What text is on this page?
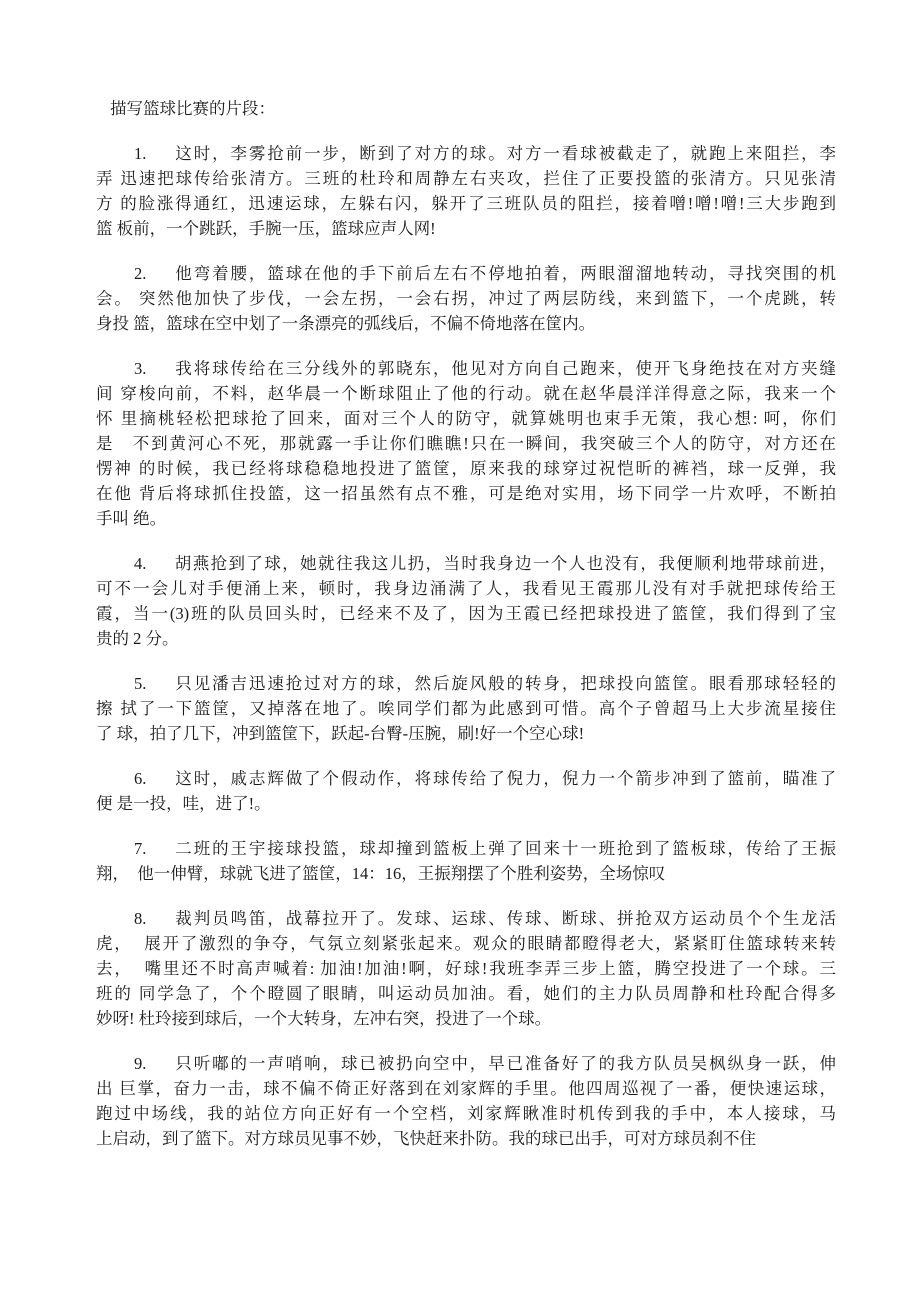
描写篮球比赛的片段：
1. 这时，李雾抢前一步，断到了对方的球。对方一看球被截走了，就跑上来阻拦，李
弄 迅速把球传给张清方。三班的杜玲和周静左右夹攻，拦住了正要投篮的张清方。只见张清
方 的脸涨得通红，迅速运球，左躲右闪，躲开了三班队员的阻拦，接着噌!噌!噌!三大步跑到
篮 板前，一个跳跃，手腕一压，篮球应声人网!
2. 他弯着腰，篮球在他的手下前后左右不停地拍着，两眼溜溜地转动，寻找突围的机
会。 突然他加快了步伐，一会左拐，一会右拐，冲过了两层防线，来到篮下，一个虎跳，转
身投 篮，篮球在空中划了一条漂亮的弧线后，不偏不倚地落在筐内。
3. 我将球传给在三分线外的郭晓东，他见对方向自己跑来，使开飞身绝技在对方夹缝
间 穿梭向前，不料，赵华晨一个断球阻止了他的行动。就在赵华晨洋洋得意之际，我来一个
怀 里摘桃轻松把球抢了回来，面对三个人的防守，就算姚明也束手无策，我心想: 呵，你们
是　不到黄河心不死，那就露一手让你们瞧瞧!只在一瞬间，我突破三个人的防守，对方还在
愣神 的时候，我已经将球稳稳地投进了篮筐，原来我的球穿过祝恺昕的裤裆，球一反弹，我
在他 背后将球抓住投篮，这一招虽然有点不雅，可是绝对实用，场下同学一片欢呼，不断拍
手叫 绝。
4. 胡燕抢到了球，她就往我这儿扔，当时我身边一个人也没有，我便顺利地带球前进，
可不一会儿对手便涌上来，顿时，我身边涌满了人，我看见王霞那儿没有对手就把球传给王
霞，当一(3)班的队员回头时，已经来不及了，因为王霞已经把球投进了篮筐，我们得到了宝
贵的 2 分。
5. 只见潘吉迅速抢过对方的球，然后旋风般的转身，把球投向篮筐。眼看那球轻轻的
擦 拭了一下篮筐，又掉落在地了。唉同学们都为此感到可惜。高个子曾超马上大步流星接住
了 球，拍了几下，冲到篮筐下，跃起-台臀-压腕，刷!好一个空心球!
6. 这时，戚志辉做了个假动作，将球传给了倪力，倪力一个箭步冲到了篮前，瞄准了
便 是一投，哇，进了!。
7. 二班的王宇接球投篮，球却撞到篮板上弹了回来十一班抢到了篮板球，传给了王振
翔，  他一伸臂，球就飞进了篮筐，14：16，王振翔摆了个胜利姿势，全场惊叹
8. 裁判员鸣笛，战幕拉开了。发球、运球、传球、断球、拼抢双方运动员个个生龙活
虎，  展开了激烈的争夺，气氛立刻紧张起来。观众的眼睛都瞪得老大，紧紧盯住篮球转来转
去，  嘴里还不时高声喊着: 加油!加油!啊，好球!我班李弄三步上篮，腾空投进了一个球。三
班的 同学急了，个个瞪圆了眼睛，叫运动员加油。看，她们的主力队员周静和杜玲配合得多
妙呀! 杜玲接到球后，一个大转身，左冲右突，投进了一个球。
9. 只听嘟的一声哨响，球已被扔向空中，早已准备好了的我方队员吴枫纵身一跃，伸
出 巨掌，奋力一击，球不偏不倚正好落到在刘家辉的手里。他四周巡视了一番，便快速运球，
跑过中场线，我的站位方向正好有一个空档，刘家辉瞅准时机传到我的手中，本人接球，马
上启动，到了篮下。对方球员见事不妙，飞快赶来扑防。我的球已出手，可对方球员刹不住
